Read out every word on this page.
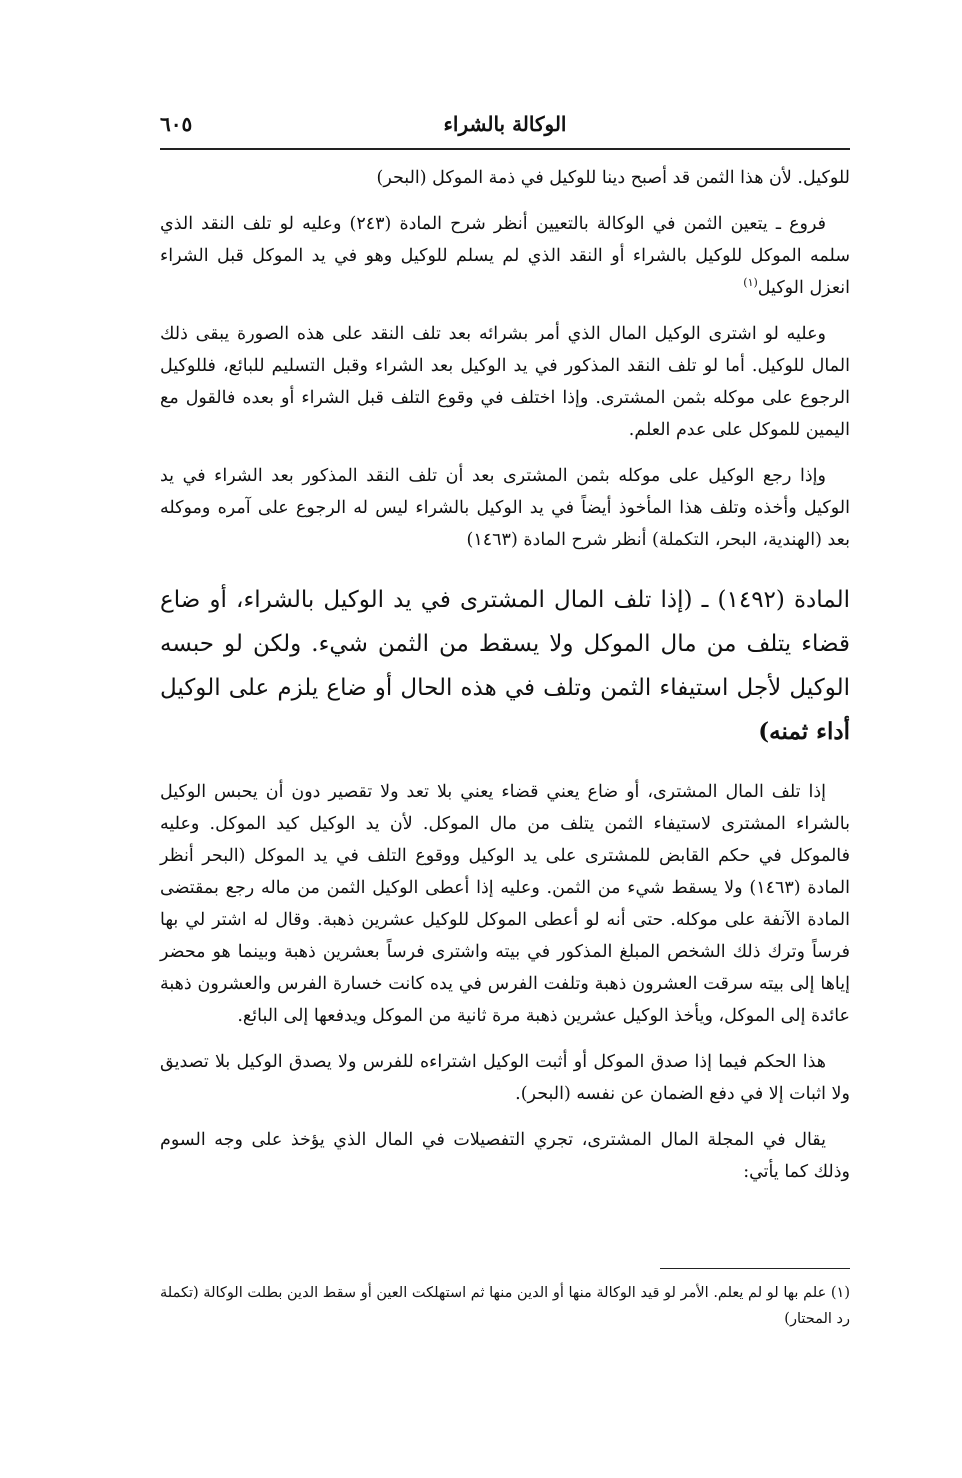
الوكالة بالشراء
٦٠٥

للوكيل. لأن هذا الثمن قد أصبح دينا للوكيل في ذمة الموكل (البحر)

فروع ـ يتعين الثمن في الوكالة بالتعيين أنظر شرح المادة (٢٤٣) وعليه لو تلف النقد الذي سلمه الموكل للوكيل بالشراء أو النقد الذي لم يسلم للوكيل وهو في يد الموكل قبل الشراء انعزل الوكيل$^{(١)}$

وعليه لو اشترى الوكيل المال الذي أمر بشرائه بعد تلف النقد على هذه الصورة يبقى ذلك المال للوكيل. أما لو تلف النقد المذكور في يد الوكيل بعد الشراء وقبل التسليم للبائع، فللوكيل الرجوع على موكله بثمن المشترى. وإذا اختلف في وقوع التلف قبل الشراء أو بعده فالقول مع اليمين للموكل على عدم العلم.

وإذا رجع الوكيل على موكله بثمن المشترى بعد أن تلف النقد المذكور بعد الشراء في يد الوكيل وأخذه وتلف هذا المأخوذ أيضاً في يد الوكيل بالشراء ليس له الرجوع على آمره وموكله بعد (الهندية، البحر، التكملة) أنظر شرح المادة (١٤٦٣)

المادة (١٤٩٢) ـ (إذا تلف المال المشترى في يد الوكيل بالشراء، أو ضاع قضاء يتلف من مال الموكل ولا يسقط من الثمن شيء. ولكن لو حبسه الوكيل لأجل استيفاء الثمن وتلف في هذه الحال أو ضاع يلزم على الوكيل أداء ثمنه)

إذا تلف المال المشترى، أو ضاع يعني قضاء يعني بلا تعد ولا تقصير دون أن يحبس الوكيل بالشراء المشترى لاستيفاء الثمن يتلف من مال الموكل. لأن يد الوكيل كيد الموكل. وعليه فالموكل في حكم القابض للمشترى على يد الوكيل ووقوع التلف في يد الموكل (البحر أنظر المادة (١٤٦٣) ولا يسقط شيء من الثمن. وعليه إذا أعطى الوكيل الثمن من ماله رجع بمقتضى المادة الآنفة على موكله. حتى أنه لو أعطى الموكل للوكيل عشرين ذهبة. وقال له اشتر لي بها فرساً وترك ذلك الشخص المبلغ المذكور في بيته واشترى فرساً بعشرين ذهبة وبينما هو محضر إياها إلى بيته سرقت العشرون ذهبة وتلفت الفرس في يده كانت خسارة الفرس والعشرون ذهبة عائدة إلى الموكل، ويأخذ الوكيل عشرين ذهبة مرة ثانية من الموكل ويدفعها إلى البائع.

هذا الحكم فيما إذا صدق الموكل أو أثبت الوكيل اشتراءه للفرس ولا يصدق الوكيل بلا تصديق ولا اثبات إلا في دفع الضمان عن نفسه (البحر).

يقال في المجلة المال المشترى، تجري التفصيلات في المال الذي يؤخذ على وجه السوم وذلك كما يأتي:

(١) علم بها لو لم يعلم. الأمر لو قيد الوكالة منها أو الدين منها ثم استهلكت العين أو سقط الدين بطلت الوكالة (تكملة رد المحتار)
